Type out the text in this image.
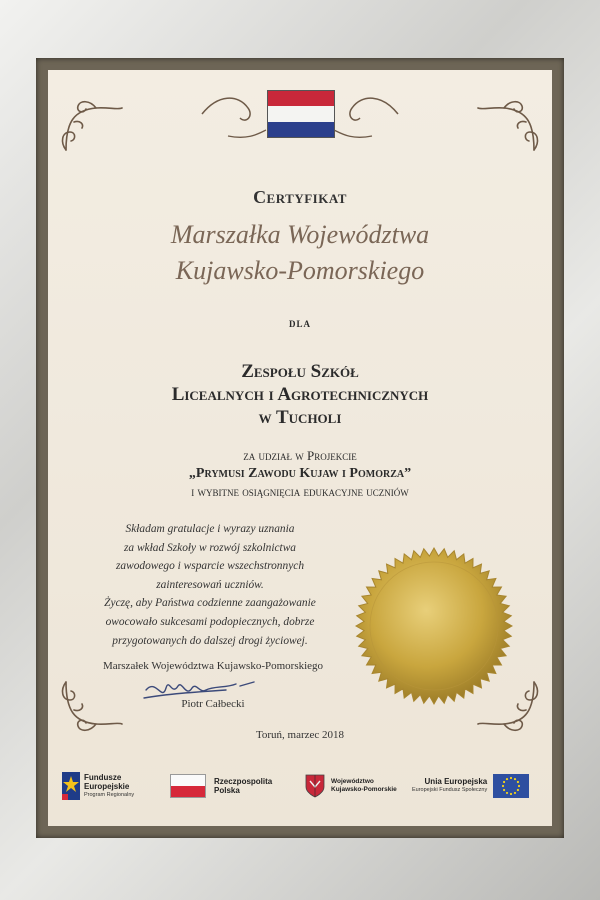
Certyfikat
Marszałka Województwa
Kujawsko-Pomorskiego
dla
Zespołu Szkół
Licealnych i Agrotechnicznych
w Tucholi
za udział w Projekcie
„Prymusi Zawodu Kujaw i Pomorza”
i wybitne osiągnięcia edukacyjne uczniów
Składam gratulacje i wyrazy uznania
za wkład Szkoły w rozwój szkolnictwa
zawodowego i wsparcie wszechstronnych
zainteresowań uczniów.
Życzę, aby Państwa codzienne zaangażowanie
owocowało sukcesami podopiecznych, dobrze
przygotowanych do dalszej drogi życiowej.
Marszałek Województwa Kujawsko-Pomorskiego
Piotr Całbecki
Toruń, marzec 2018
Fundusze
Europejskie
Program Regionalny
Rzeczpospolita
Polska
Województwo
Kujawsko-Pomorskie
Unia Europejska
Europejski Fundusz Społeczny
